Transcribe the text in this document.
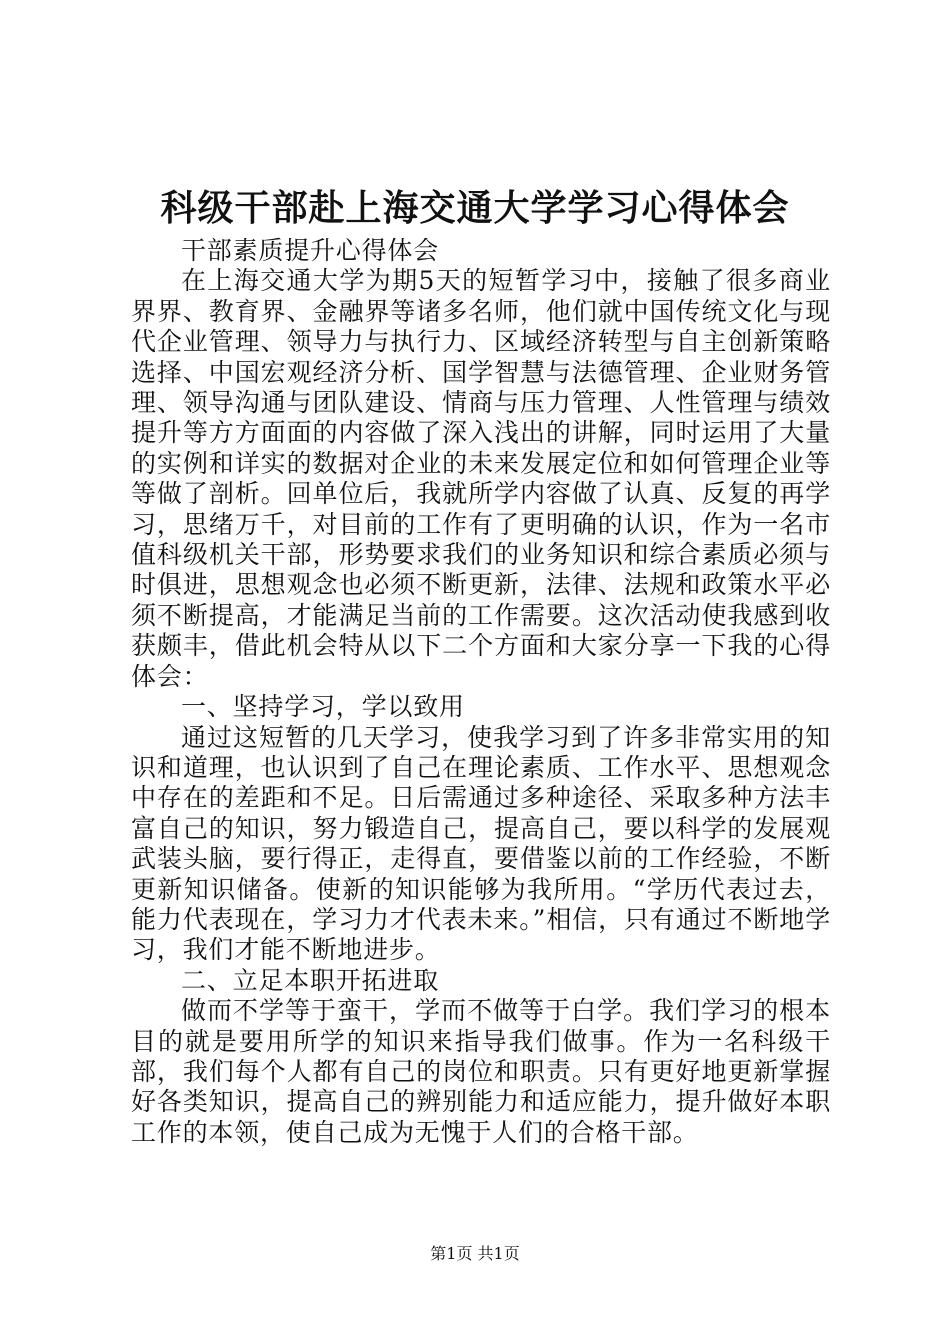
科级干部赴上海交通大学学习心得体会

干部素质提升心得体会

在上海交通大学为期5天的短暂学习中，接触了很多商业界界、教育界、金融界等诸多名师，他们就中国传统文化与现代企业管理、领导力与执行力、区域经济转型与自主创新策略选择、中国宏观经济分析、国学智慧与法德管理、企业财务管理、领导沟通与团队建设、情商与压力管理、人性管理与绩效提升等方方面面的内容做了深入浅出的讲解，同时运用了大量的实例和详实的数据对企业的未来发展定位和如何管理企业等等做了剖析。回单位后，我就所学内容做了认真、反复的再学习，思绪万千，对目前的工作有了更明确的认识，作为一名市值科级机关干部，形势要求我们的业务知识和综合素质必须与时俱进，思想观念也必须不断更新，法律、法规和政策水平必须不断提高，才能满足当前的工作需要。这次活动使我感到收获颇丰，借此机会特从以下二个方面和大家分享一下我的心得体会：

一、坚持学习，学以致用

通过这短暂的几天学习，使我学习到了许多非常实用的知识和道理，也认识到了自己在理论素质、工作水平、思想观念中存在的差距和不足。日后需通过多种途径、采取多种方法丰富自己的知识，努力锻造自己，提高自己，要以科学的发展观武装头脑，要行得正，走得直，要借鉴以前的工作经验，不断更新知识储备。使新的知识能够为我所用。“学历代表过去，能力代表现在，学习力才代表未来。”相信，只有通过不断地学习，我们才能不断地进步。

二、立足本职开拓进取

做而不学等于蛮干，学而不做等于白学。我们学习的根本目的就是要用所学的知识来指导我们做事。作为一名科级干部，我们每个人都有自己的岗位和职责。只有更好地更新掌握好各类知识，提高自己的辨别能力和适应能力，提升做好本职工作的本领，使自己成为无愧于人们的合格干部。

第1页 共1页
